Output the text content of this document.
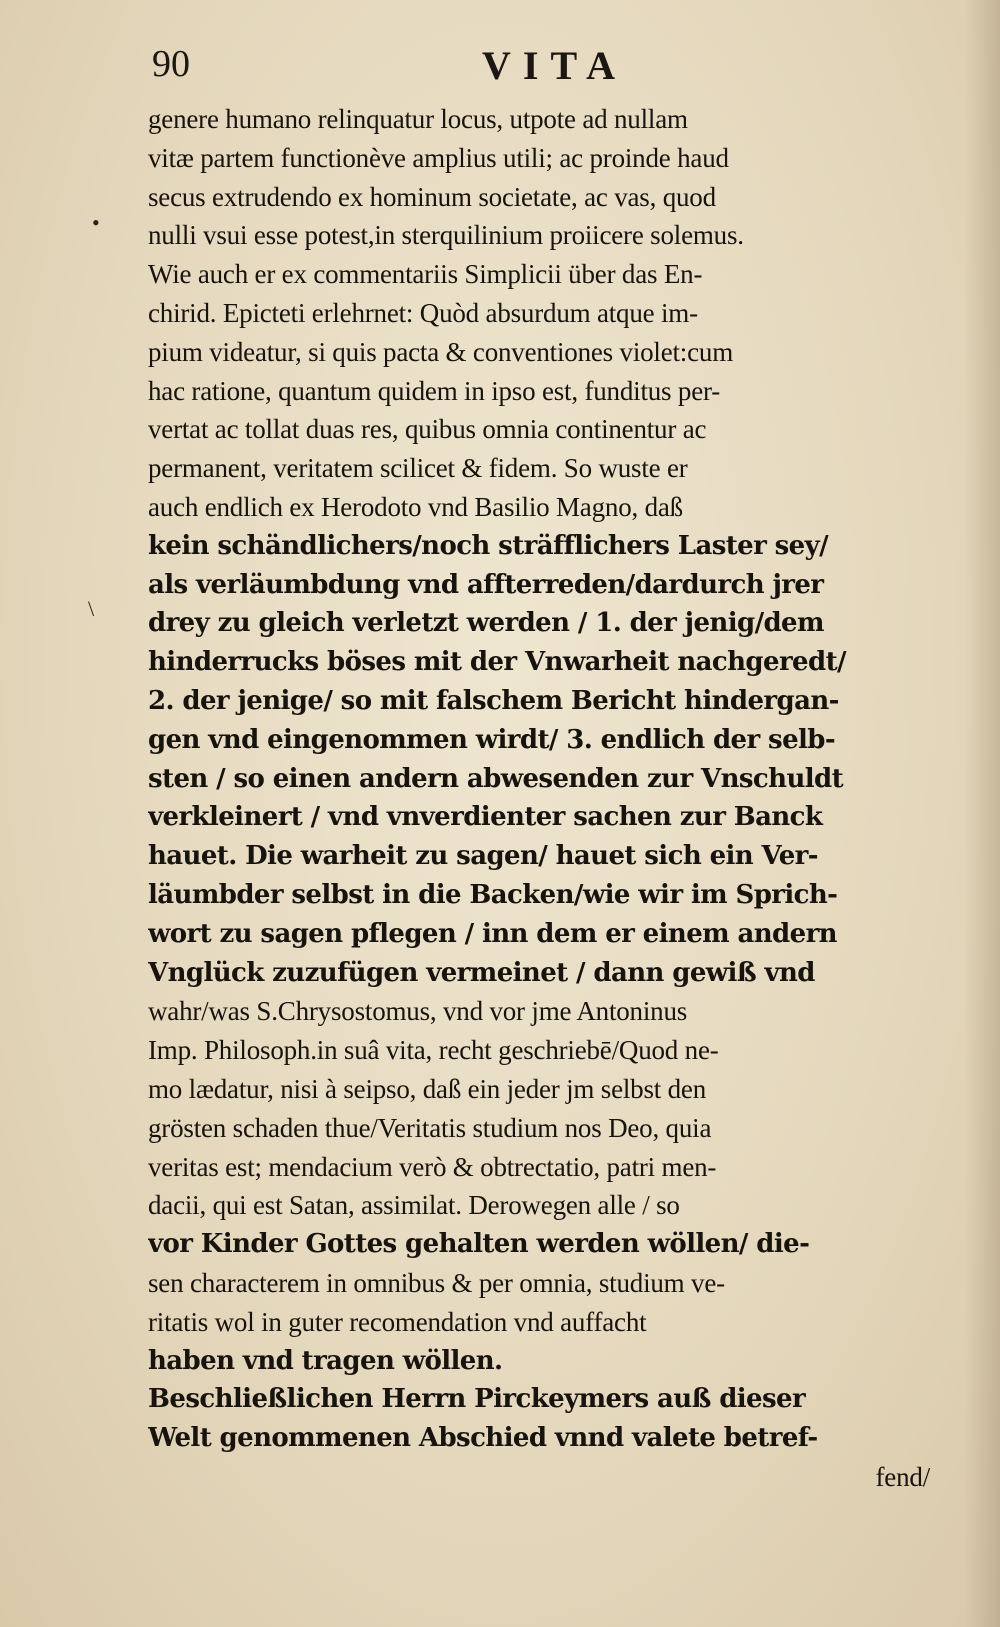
90	VITA
•
\
genere humano relinquatur locus, utpote ad nullam
vitæ partem functionève amplius utili; ac proinde haud
secus extrudendo ex hominum societate, ac vas, quod
nulli vsui esse potest,in sterquilinium proiicere solemus.
Wie auch er ex commentariis Simplicii über das En-
chirid. Epicteti erlehrnet: Quòd absurdum atque im-
pium videatur, si quis pacta & conventiones violet:cum
hac ratione, quantum quidem in ipso est, funditus per-
vertat ac tollat duas res, quibus omnia continentur ac
permanent, veritatem scilicet & fidem. So wuste er
auch endlich ex Herodoto vnd Basilio Magno, daß
kein schändlichers/noch sträfflichers Laster sey/
als verläumbdung vnd affterreden/dardurch jrer
drey zu gleich verletzt werden / 1. der jenig/dem
hinderrucks böses mit der Vnwarheit nachgeredt/
2. der jenige/ so mit falschem Bericht hindergan-
gen vnd eingenommen wirdt/ 3. endlich der selb-
sten / so einen andern abwesenden zur Vnschuldt
verkleinert / vnd vnverdienter sachen zur Banck
hauet. Die warheit zu sagen/ hauet sich ein Ver-
läumbder selbst in die Backen/wie wir im Sprich-
wort zu sagen pflegen / inn dem er einem andern
Vnglück zuzufügen vermeinet / dann gewiß vnd
wahr/was S.Chrysostomus, vnd vor jme Antoninus
Imp. Philosoph.in suâ vita, recht geschriebē/Quod ne-
mo lædatur, nisi à seipso, daß ein jeder jm selbst den
grösten schaden thue/Veritatis studium nos Deo, quia
veritas est; mendacium verò & obtrectatio, patri men-
dacii, qui est Satan, assimilat. Derowegen alle / so
vor Kinder Gottes gehalten werden wöllen/ die-
sen characterem in omnibus & per omnia, studium ve-
ritatis wol in guter recomendation vnd auffacht
haben vnd tragen wöllen.
Beschließlichen Herrn Pirckeymers auß dieser
Welt genommenen Abschied vnnd valete betref-
fend/
